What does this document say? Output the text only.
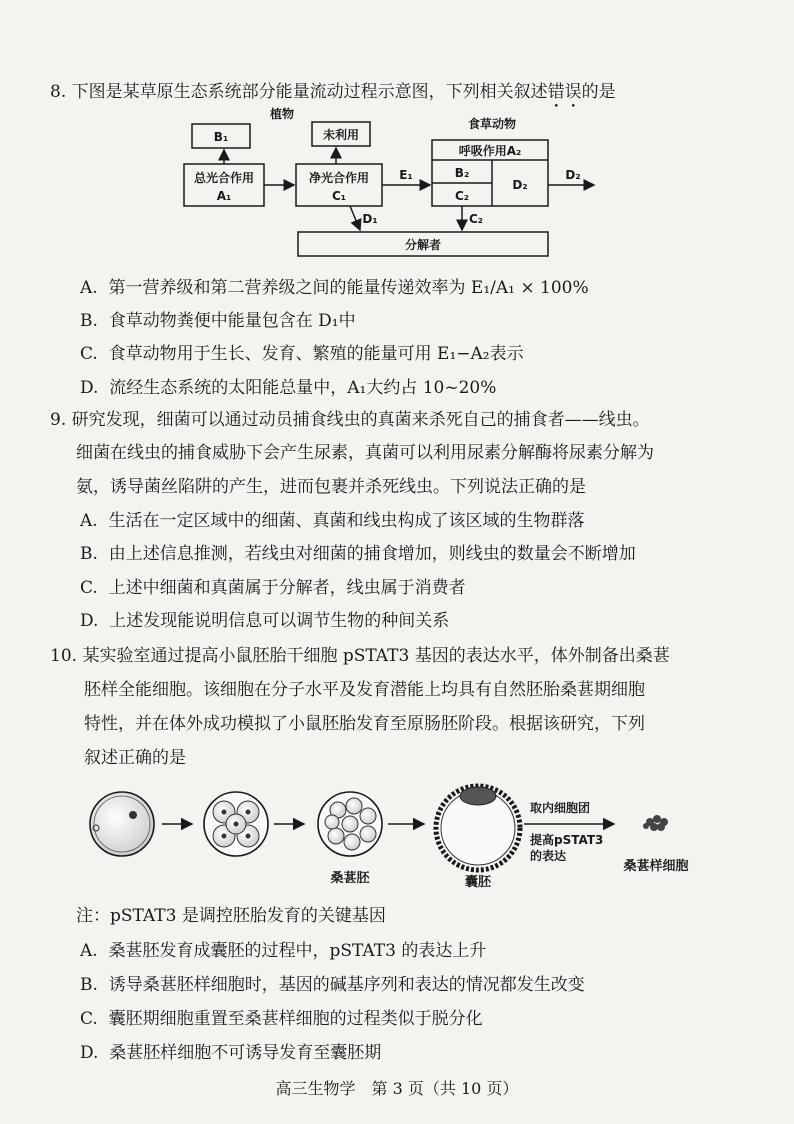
8. 下图是某草原生态系统部分能量流动过程示意图，下列相关叙述错误的是
植物
食草动物
B₁	未利用
总光合作用
A₁
净光合作用
C₁
E₁
呼吸作用A₂
B₂
C₂
D₂
D₂
D₁	C₂
分解者
A. 第一营养级和第二营养级之间的能量传递效率为 E₁/A₁ × 100%
B. 食草动物粪便中能量包含在 D₁中
C. 食草动物用于生长、发育、繁殖的能量可用 E₁−A₂表示
D. 流经生态系统的太阳能总量中，A₁大约占 10~20%
9. 研究发现，细菌可以通过动员捕食线虫的真菌来杀死自己的捕食者——线虫。
细菌在线虫的捕食威胁下会产生尿素，真菌可以利用尿素分解酶将尿素分解为
氨，诱导菌丝陷阱的产生，进而包裹并杀死线虫。下列说法正确的是
A. 生活在一定区域中的细菌、真菌和线虫构成了该区域的生物群落
B. 由上述信息推测，若线虫对细菌的捕食增加，则线虫的数量会不断增加
C. 上述中细菌和真菌属于分解者，线虫属于消费者
D. 上述发现能说明信息可以调节生物的种间关系
10. 某实验室通过提高小鼠胚胎干细胞 pSTAT3 基因的表达水平，体外制备出桑葚
胚样全能细胞。该细胞在分子水平及发育潜能上均具有自然胚胎桑葚期细胞
特性，并在体外成功模拟了小鼠胚胎发育至原肠胚阶段。根据该研究，下列
叙述正确的是
桑葚胚	囊胚
取内细胞团
提高pSTAT3
的表达
桑葚样细胞
注：pSTAT3 是调控胚胎发育的关键基因
A. 桑葚胚发育成囊胚的过程中，pSTAT3 的表达上升
B. 诱导桑葚胚样细胞时，基因的碱基序列和表达的情况都发生改变
C. 囊胚期细胞重置至桑葚样细胞的过程类似于脱分化
D. 桑葚胚样细胞不可诱导发育至囊胚期
高三生物学　第 3 页（共 10 页）
